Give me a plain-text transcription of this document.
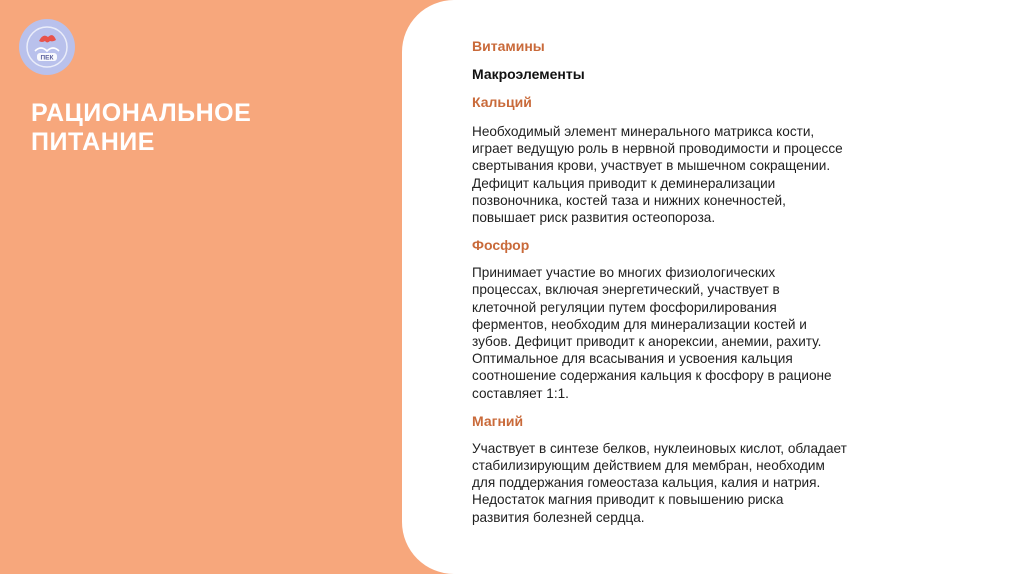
ПЕК
РАЦИОНАЛЬНОЕ
ПИТАНИЕ

Витамины

Макроэлементы

Кальций

Необходимый элемент минерального матрикса кости,
играет ведущую роль в нервной проводимости и процессе
свертывания крови, участвует в мышечном сокращении.
Дефицит кальция приводит к деминерализации
позвоночника, костей таза и нижних конечностей,
повышает риск развития остеопороза.

Фосфор

Принимает участие во многих физиологических
процессах, включая энергетический, участвует в
клеточной регуляции путем фосфорилирования
ферментов, необходим для минерализации костей и
зубов. Дефицит приводит к анорексии, анемии, рахиту.
Оптимальное для всасывания и усвоения кальция
соотношение содержания кальция к фосфору в рационе
составляет 1:1.

Магний

Участвует в синтезе белков, нуклеиновых кислот, обладает
стабилизирующим действием для мембран, необходим
для поддержания гомеостаза кальция, калия и натрия.
Недостаток магния приводит к повышению риска
развития болезней сердца.
